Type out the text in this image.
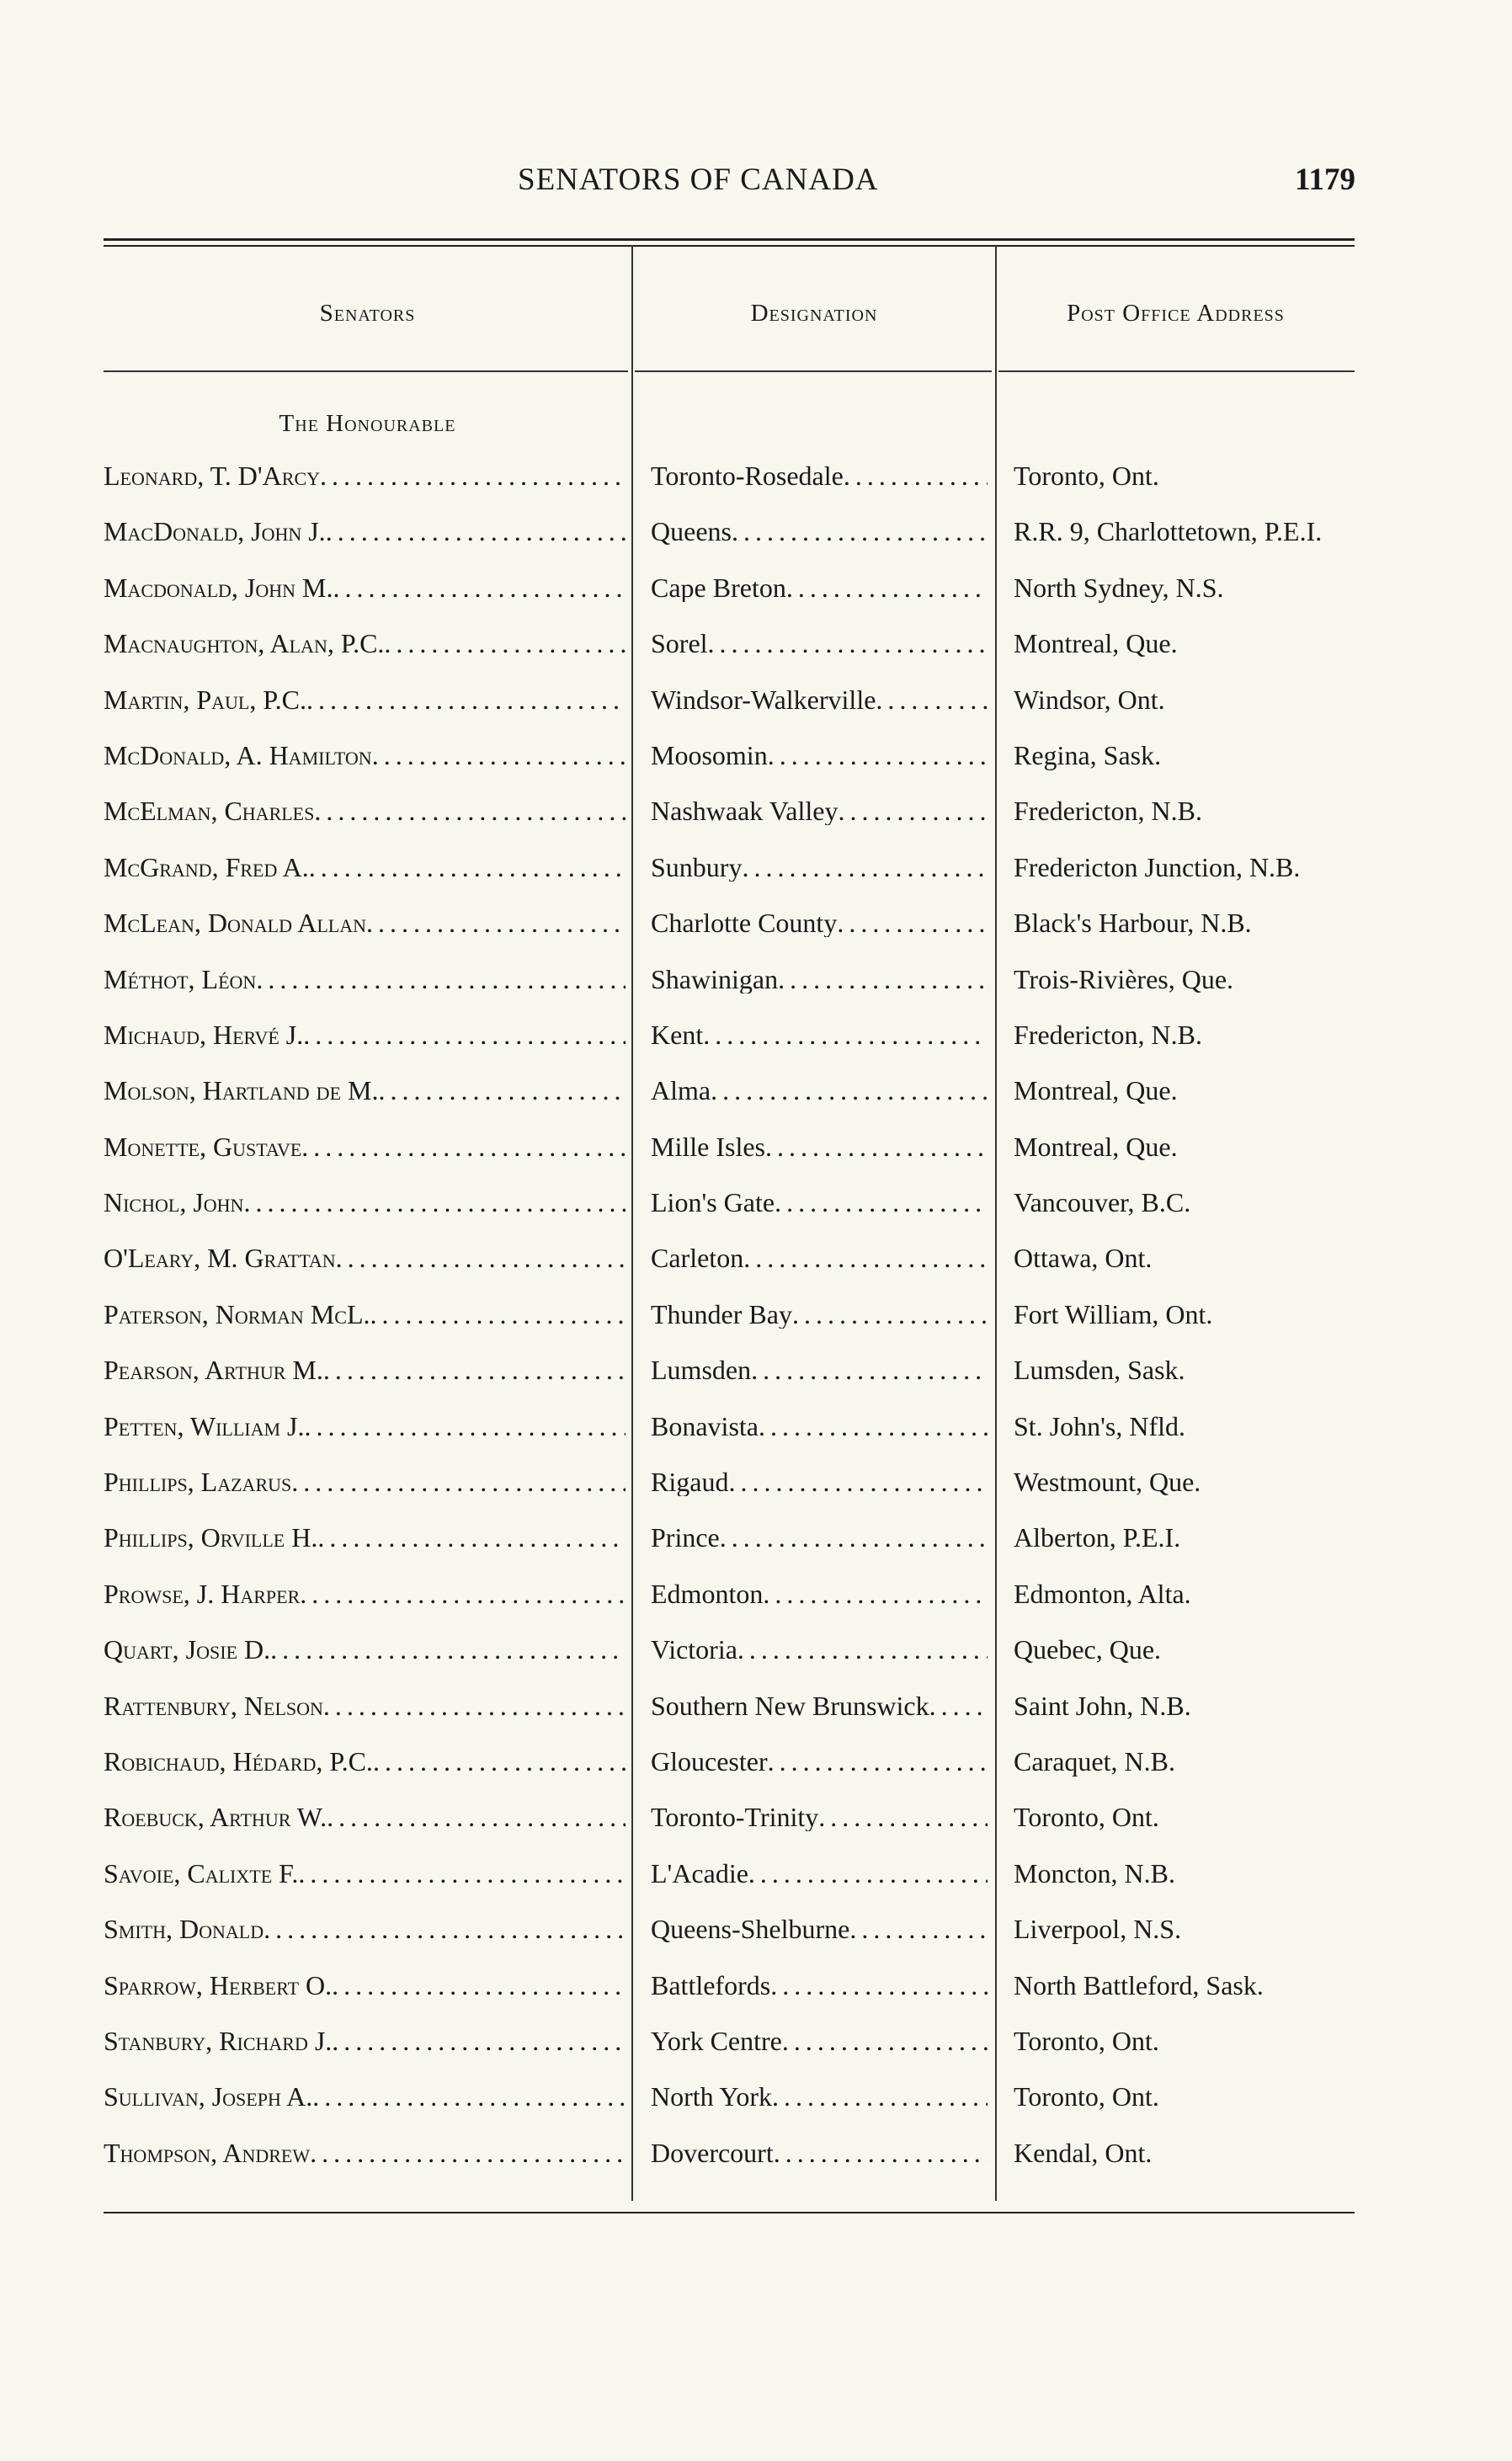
SENATORS OF CANADA	1179
Senators	Designation	Post Office Address
The Honourable
Leonard, T. D'Arcy . . .	Toronto-Rosedale . . .	Toronto, Ont.
MacDonald, John J. . . .	Queens . . .	R.R. 9, Charlottetown, P.E.I.
Macdonald, John M. . . .	Cape Breton . . .	North Sydney, N.S.
Macnaughton, Alan, P.C. . . .	Sorel . . .	Montreal, Que.
Martin, Paul, P.C. . . .	Windsor-Walkerville . . .	Windsor, Ont.
McDonald, A. Hamilton . . .	Moosomin . . .	Regina, Sask.
McElman, Charles . . .	Nashwaak Valley . . .	Fredericton, N.B.
McGrand, Fred A. . . .	Sunbury . . .	Fredericton Junction, N.B.
McLean, Donald Allan . . .	Charlotte County . . .	Black's Harbour, N.B.
Méthot, Léon . . .	Shawinigan . . .	Trois-Rivières, Que.
Michaud, Hervé J. . . .	Kent . . .	Fredericton, N.B.
Molson, Hartland de M. . . .	Alma . . .	Montreal, Que.
Monette, Gustave . . .	Mille Isles . . .	Montreal, Que.
Nichol, John . . .	Lion's Gate . . .	Vancouver, B.C.
O'Leary, M. Grattan . . .	Carleton . . .	Ottawa, Ont.
Paterson, Norman McL. . . .	Thunder Bay . . .	Fort William, Ont.
Pearson, Arthur M. . . .	Lumsden . . .	Lumsden, Sask.
Petten, William J. . . .	Bonavista . . .	St. John's, Nfld.
Phillips, Lazarus . . .	Rigaud . . .	Westmount, Que.
Phillips, Orville H. . . .	Prince . . .	Alberton, P.E.I.
Prowse, J. Harper . . .	Edmonton . . .	Edmonton, Alta.
Quart, Josie D. . . .	Victoria . . .	Quebec, Que.
Rattenbury, Nelson . . .	Southern New Brunswick . . .	Saint John, N.B.
Robichaud, Hédard, P.C. . . .	Gloucester . . .	Caraquet, N.B.
Roebuck, Arthur W. . . .	Toronto-Trinity . . .	Toronto, Ont.
Savoie, Calixte F. . . .	L'Acadie . . .	Moncton, N.B.
Smith, Donald . . .	Queens-Shelburne . . .	Liverpool, N.S.
Sparrow, Herbert O. . . .	Battlefords . . .	North Battleford, Sask.
Stanbury, Richard J. . . .	York Centre . . .	Toronto, Ont.
Sullivan, Joseph A. . . .	North York . . .	Toronto, Ont.
Thompson, Andrew . . .	Dovercourt . . .	Kendal, Ont.
